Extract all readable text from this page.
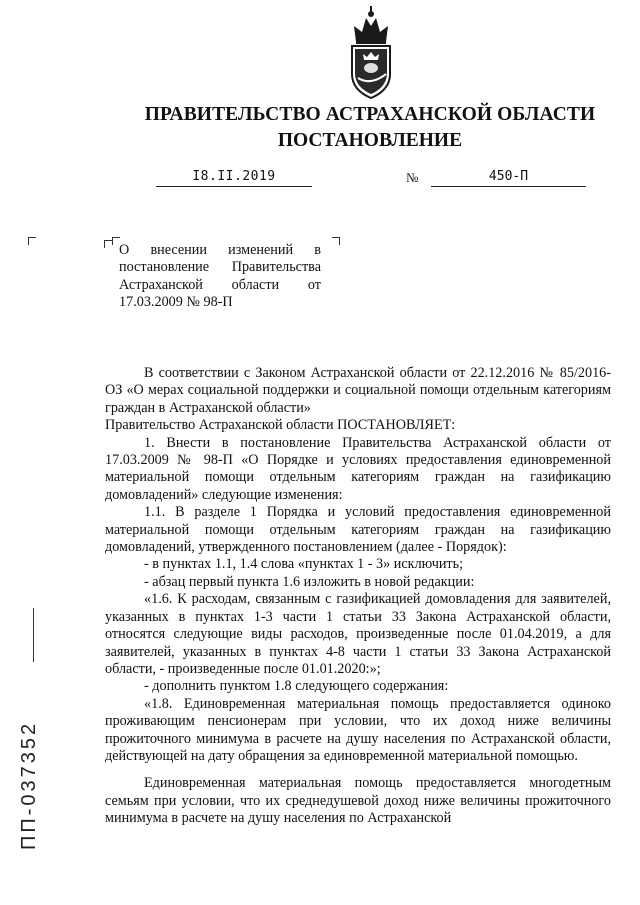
ПРАВИТЕЛЬСТВО АСТРАХАНСКОЙ ОБЛАСТИ
ПОСТАНОВЛЕНИЕ
I8.II.2019	№	450-П
О внесении изменений в постановление Правительства Астраханской области от 17.03.2009 № 98-П

В соответствии с Законом Астраханской области от 22.12.2016 № 85/2016-ОЗ «О мерах социальной поддержки и социальной помощи отдельным категориям граждан в Астраханской области»

Правительство Астраханской области ПОСТАНОВЛЯЕТ:

1. Внести в постановление Правительства Астраханской области от 17.03.2009 № 98-П «О Порядке и условиях предоставления единовременной материальной помощи отдельным категориям граждан на газификацию домовладений» следующие изменения:

1.1. В разделе 1 Порядка и условий предоставления единовременной материальной помощи отдельным категориям граждан на газификацию домовладений, утвержденного постановлением (далее - Порядок):

- в пунктах 1.1, 1.4 слова «пунктах 1 - 3» исключить;

- абзац первый пункта 1.6 изложить в новой редакции:

«1.6. К расходам, связанным с газификацией домовладения для заявителей, указанных в пунктах 1-3 части 1 статьи 33 Закона Астраханской области, относятся следующие виды расходов, произведенные после 01.04.2019, а для заявителей, указанных в пунктах 4-8 части 1 статьи 33 Закона Астраханской области, - произведенные после 01.01.2020:»;

- дополнить пунктом 1.8 следующего содержания:

«1.8. Единовременная материальная помощь предоставляется одиноко проживающим пенсионерам при условии, что их доход ниже величины прожиточного минимума в расчете на душу населения по Астраханской области, действующей на дату обращения за единовременной материальной помощью.

Единовременная материальная помощь предоставляется многодетным семьям при условии, что их среднедушевой доход ниже величины прожиточного минимума в расчете на душу населения по Астраханской

ПП-037352
